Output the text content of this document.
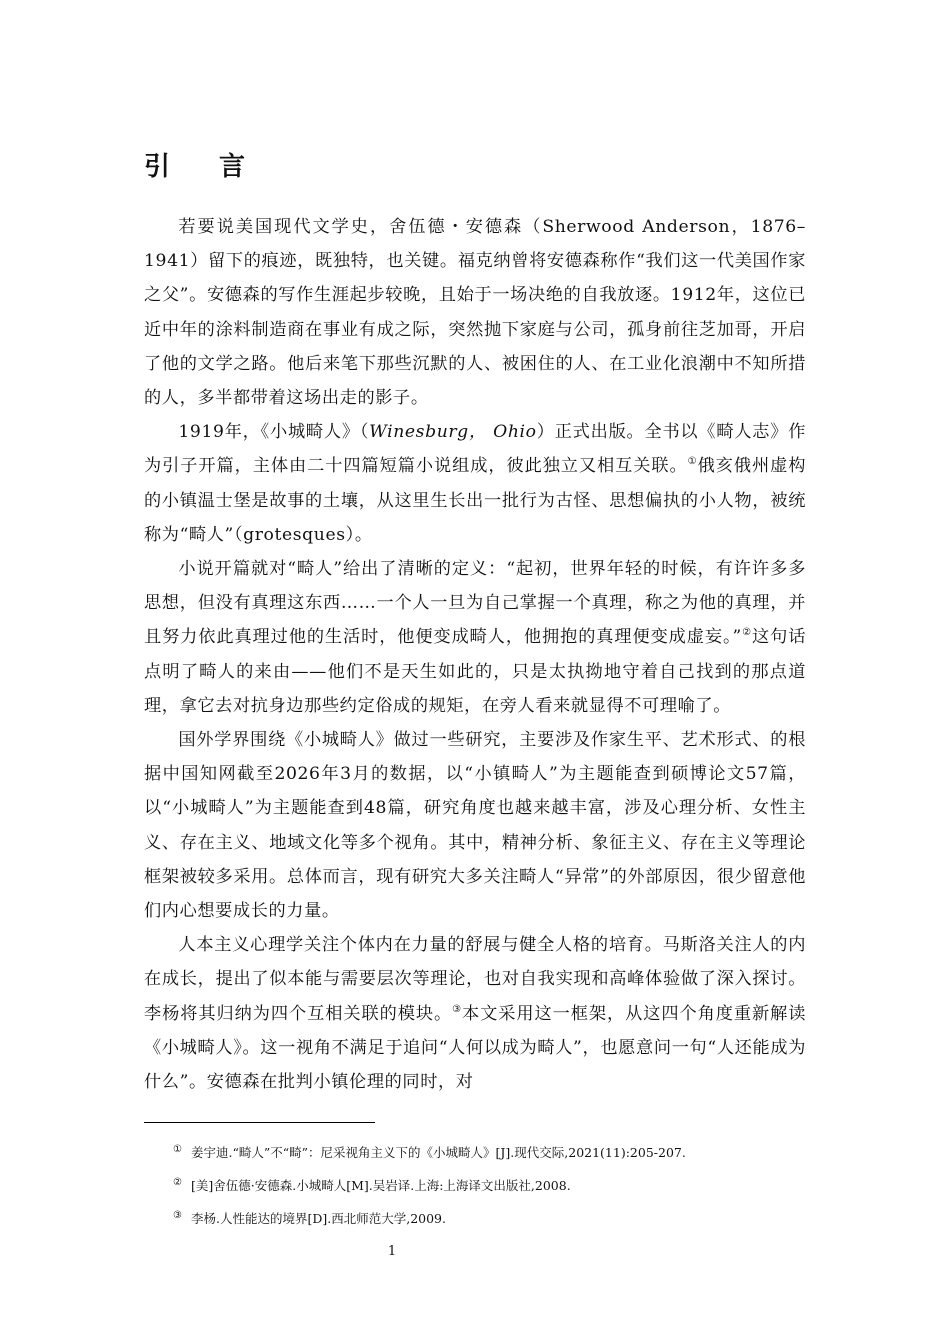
引 言

若要说美国现代文学史，舍伍德・安德森（Sherwood Anderson，1876–1941）留下的痕迹，既独特，也关键。福克纳曾将安德森称作“我们这一代美国作家之父”。安德森的写作生涯起步较晚，且始于一场决绝的自我放逐。1912年，这位已近中年的涂料制造商在事业有成之际，突然抛下家庭与公司，孤身前往芝加哥，开启了他的文学之路。他后来笔下那些沉默的人、被困住的人、在工业化浪潮中不知所措的人，多半都带着这场出走的影子。

1919年，《小城畸人》（Winesburg， Ohio）正式出版。全书以《畸人志》作为引子开篇，主体由二十四篇短篇小说组成，彼此独立又相互关联。①俄亥俄州虚构的小镇温士堡是故事的土壤，从这里生长出一批行为古怪、思想偏执的小人物，被统称为“畸人”（grotesques）。

小说开篇就对“畸人”给出了清晰的定义：“起初，世界年轻的时候，有许许多多思想，但没有真理这东西……一个人一旦为自己掌握一个真理，称之为他的真理，并且努力依此真理过他的生活时，他便变成畸人，他拥抱的真理便变成虚妄。”②这句话点明了畸人的来由——他们不是天生如此的，只是太执拗地守着自己找到的那点道理，拿它去对抗身边那些约定俗成的规矩，在旁人看来就显得不可理喻了。

国外学界围绕《小城畸人》做过一些研究，主要涉及作家生平、艺术形式、的根据中国知网截至2026年3月的数据，以“小镇畸人”为主题能查到硕博论文57篇，以“小城畸人”为主题能查到48篇，研究角度也越来越丰富，涉及心理分析、女性主义、存在主义、地域文化等多个视角。其中，精神分析、象征主义、存在主义等理论框架被较多采用。总体而言，现有研究大多关注畸人“异常”的外部原因，很少留意他们内心想要成长的力量。

人本主义心理学关注个体内在力量的舒展与健全人格的培育。马斯洛关注人的内在成长，提出了似本能与需要层次等理论，也对自我实现和高峰体验做了深入探讨。李杨将其归纳为四个互相关联的模块。③本文采用这一框架，从这四个角度重新解读《小城畸人》。这一视角不满足于追问“人何以成为畸人”，也愿意问一句“人还能成为什么”。安德森在批判小镇伦理的同时，对

① 姜宇迪.“畸人”不“畸”：尼采视角主义下的《小城畸人》[J].现代交际,2021(11):205-207.
② [美]舍伍德·安德森.小城畸人[M].吴岩译.上海:上海译文出版社,2008.
③ 李杨.人性能达的境界[D].西北师范大学,2009.
1
